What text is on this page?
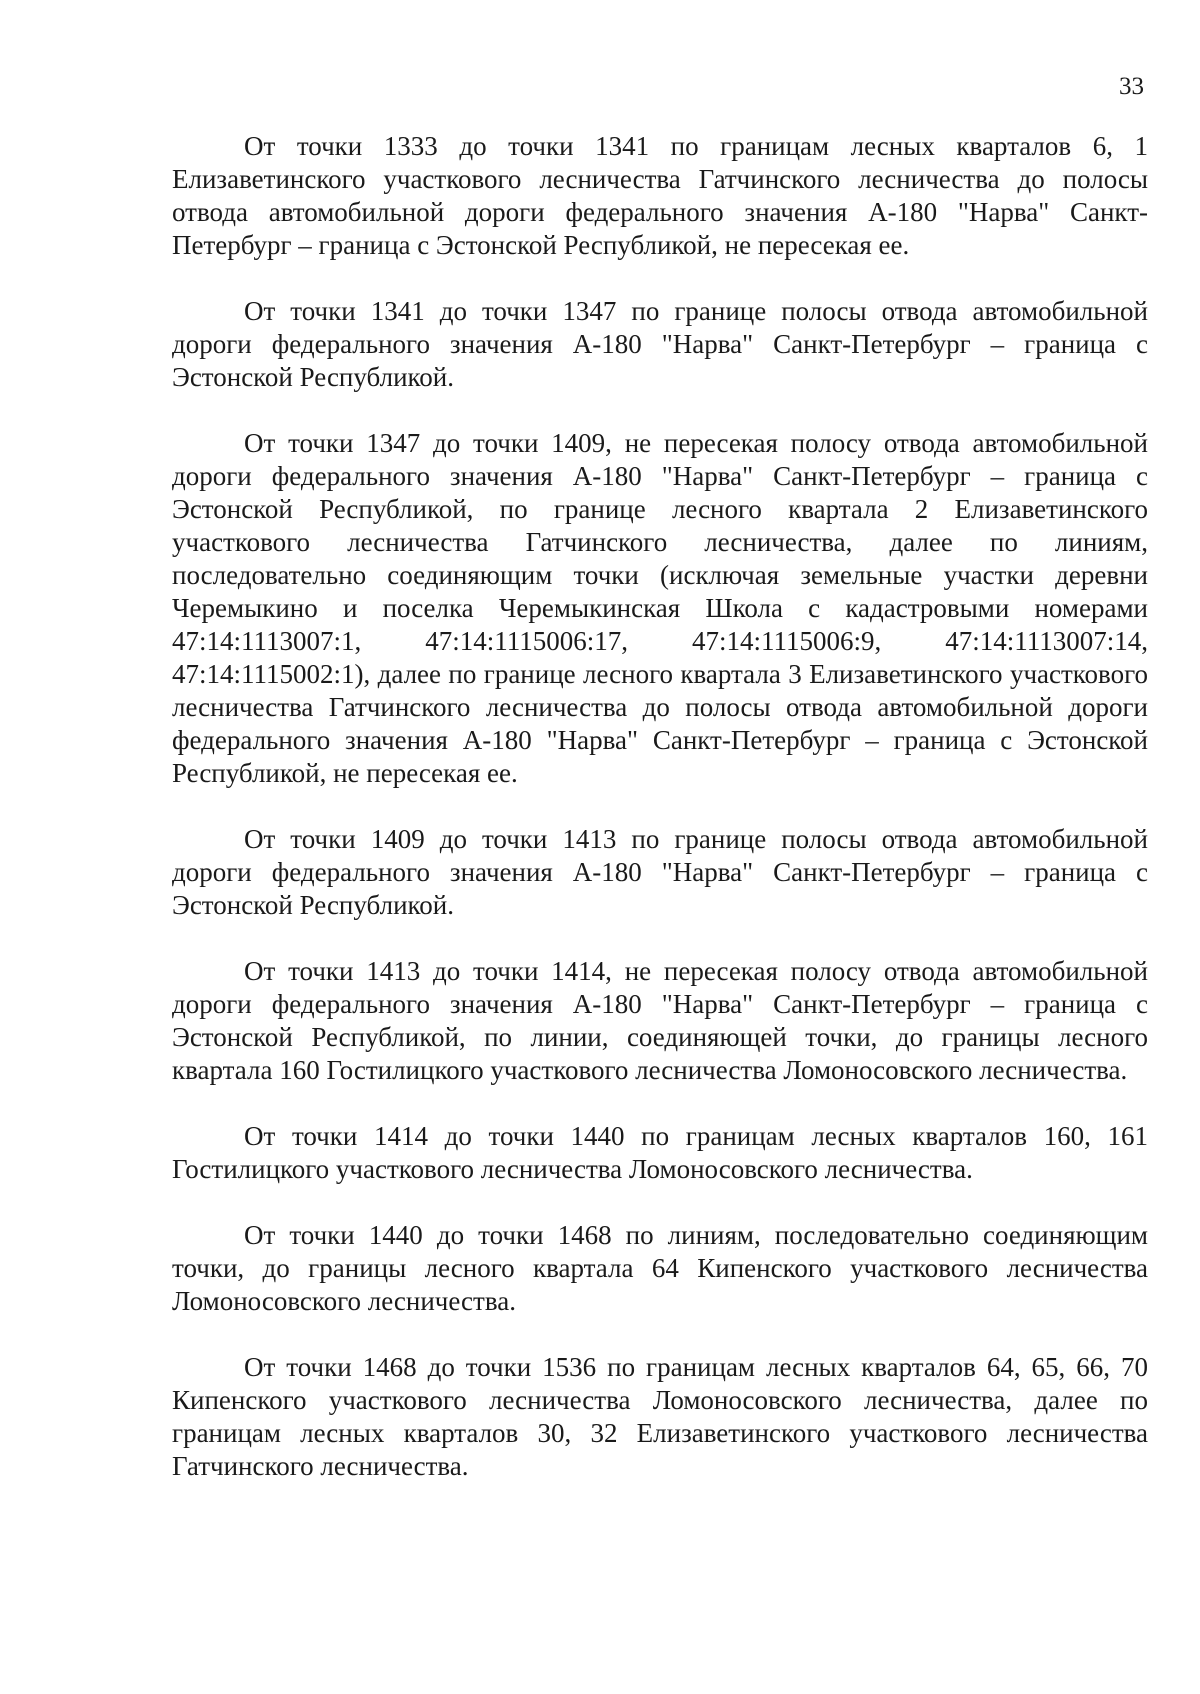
33

От точки 1333 до точки 1341 по границам лесных кварталов 6, 1 Елизаветинского участкового лесничества Гатчинского лесничества до полосы отвода автомобильной дороги федерального значения А-180 "Нарва" Санкт-Петербург – граница с Эстонской Республикой, не пересекая ее.

От точки 1341 до точки 1347 по границе полосы отвода автомобильной дороги федерального значения А-180 "Нарва" Санкт-Петербург – граница с Эстонской Республикой.

От точки 1347 до точки 1409, не пересекая полосу отвода автомобильной дороги федерального значения А-180 "Нарва" Санкт-Петербург – граница с Эстонской Республикой, по границе лесного квартала 2 Елизаветинского участкового лесничества Гатчинского лесничества, далее по линиям, последовательно соединяющим точки (исключая земельные участки деревни Черемыкино и поселка Черемыкинская Школа с кадастровыми номерами 47:14:1113007:1, 47:14:1115006:17, 47:14:1115006:9, 47:14:1113007:14, 47:14:1115002:1), далее по границе лесного квартала 3 Елизаветинского участкового лесничества Гатчинского лесничества до полосы отвода автомобильной дороги федерального значения А-180 "Нарва" Санкт-Петербург – граница с Эстонской Республикой, не пересекая ее.

От точки 1409 до точки 1413 по границе полосы отвода автомобильной дороги федерального значения А-180 "Нарва" Санкт-Петербург – граница с Эстонской Республикой.

От точки 1413 до точки 1414, не пересекая полосу отвода автомобильной дороги федерального значения А-180 "Нарва" Санкт-Петербург – граница с Эстонской Республикой, по линии, соединяющей точки, до границы лесного квартала 160 Гостилицкого участкового лесничества Ломоносовского лесничества.

От точки 1414 до точки 1440 по границам лесных кварталов 160, 161 Гостилицкого участкового лесничества Ломоносовского лесничества.

От точки 1440 до точки 1468 по линиям, последовательно соединяющим точки, до границы лесного квартала 64 Кипенского участкового лесничества Ломоносовского лесничества.

От точки 1468 до точки 1536 по границам лесных кварталов 64, 65, 66, 70 Кипенского участкового лесничества Ломоносовского лесничества, далее по границам лесных кварталов 30, 32 Елизаветинского участкового лесничества Гатчинского лесничества.
